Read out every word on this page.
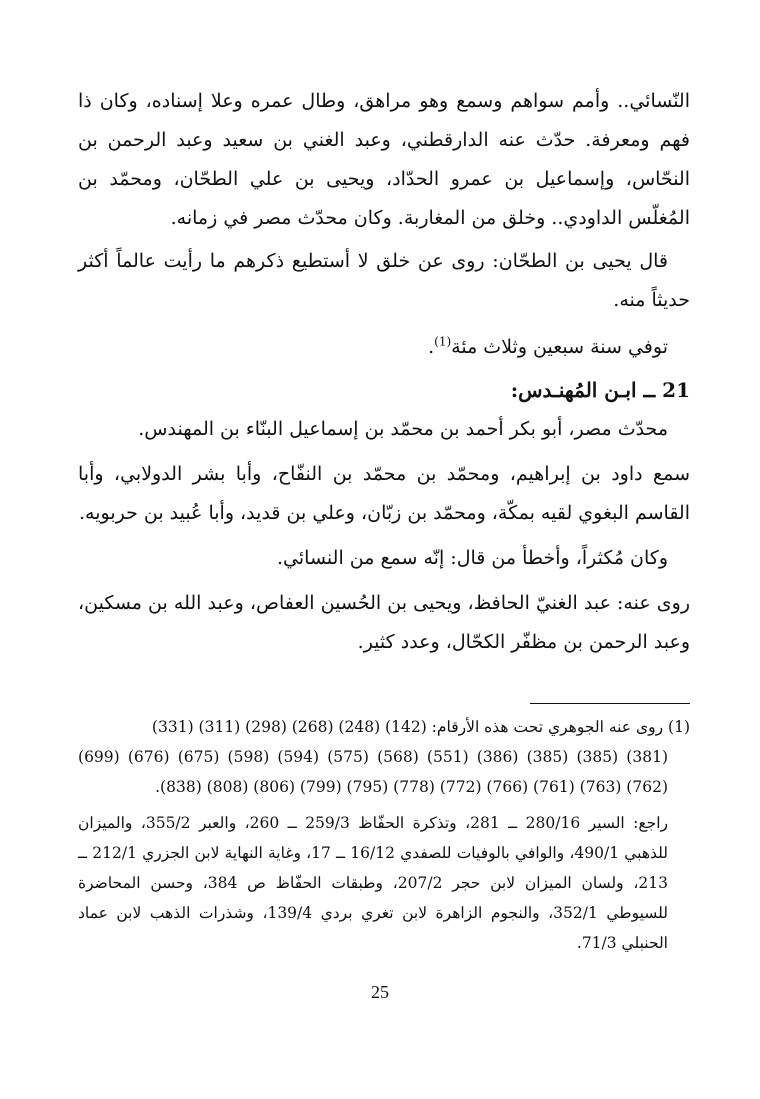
النّسائي.. وأمم سواهم وسمع وهو مراهق، وطال عمره وعلا إسناده، وكان ذا فهم ومعرفة. حدّث عنه الدارقطني، وعبد الغني بن سعيد وعبد الرحمن بن النحّاس، وإسماعيل بن عمرو الحدّاد، ويحيى بن علي الطحّان، ومحمّد بن المُغلّس الداودي.. وخلق من المغاربة. وكان محدّث مصر في زمانه.

قال يحيى بن الطحّان: روى عن خلق لا أستطيع ذكرهم ما رأيت عالماً أكثر حديثاً منه.

توفي سنة سبعين وثلاث مئة$^{(1)}$.

21 ــ ابـن المُهنـدس:

محدّث مصر، أبو بكر أحمد بن محمّد بن إسماعيل البنّاء بن المهندس.

سمع داود بن إبراهيم، ومحمّد بن محمّد بن النفّاح، وأبا بشر الدولابي، وأبا القاسم البغوي لقيه بمكّة، ومحمّد بن زبّان، وعلي بن قديد، وأبا عُبيد بن حربويه.

وكان مُكثراً، وأخطأ من قال: إنّه سمع من النسائي.

روى عنه: عبد الغنيّ الحافظ، ويحيى بن الحُسين العفاص، وعبد الله بن مسكين، وعبد الرحمن بن مظفّر الكحّال، وعدد كثير.

(1) روى عنه الجوهري تحت هذه الأرقام: (142) (248) (268) (298) (311) (331)

(381) (385) (385) (386) (551) (568) (575) (594) (598) (675) (676) (699) (762) (763) (761) (766) (772) (778) (795) (799) (806) (808) (838).

راجع: السير 280/16 ــ 281، وتذكرة الحفّاظ 259/3 ــ 260، والعبر 355/2، والميزان للذهبي 490/1، والوافي بالوفيات للصفدي 16/12 ــ 17، وغاية النهاية لابن الجزري 212/1 ــ 213، ولسان الميزان لابن حجر 207/2، وطبقات الحفّاظ ص 384، وحسن المحاضرة للسيوطي 352/1، والنجوم الزاهرة لابن تغري بردي 139/4، وشذرات الذهب لابن عماد الحنبلي 71/3.

25
